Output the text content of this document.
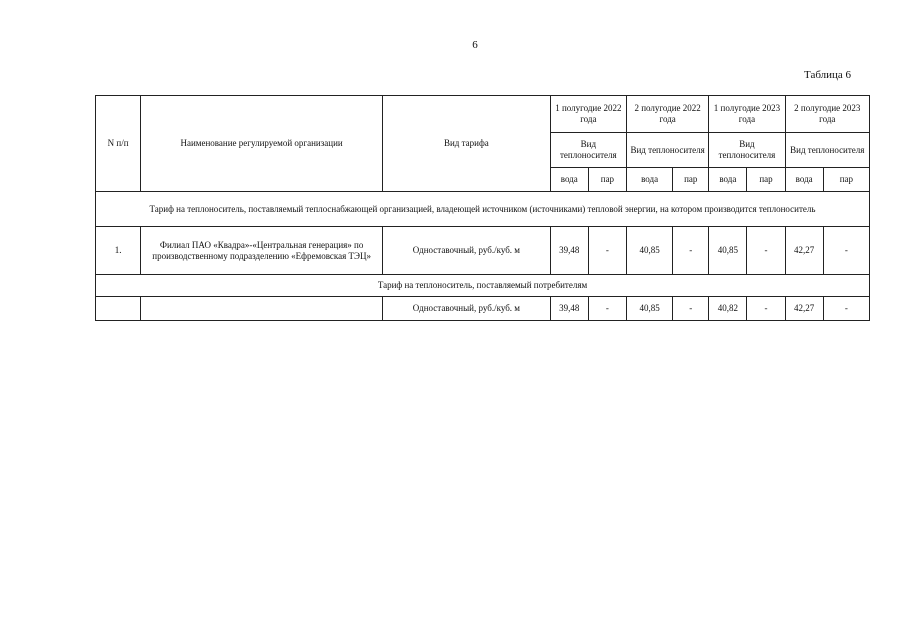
6
Таблица 6
N п/п	Наименование регулируемой организации	Вид тарифа	1 полугодие 2022 года		2 полугодие 2022 года		1 полугодие 2023 года		2 полугодие 2023 года	
			Вид теплоносителя		Вид теплоносителя		Вид теплоносителя		Вид теплоносителя	
			вода	пар	вода	пар	вода	пар	вода	пар
Тариф на теплоноситель, поставляемый теплоснабжающей организацией, владеющей источником (источниками) тепловой энергии, на котором производится теплоноситель										
1.	Филиал ПАО «Квадра»-«Центральная генерация» по производственному подразделению «Ефремовская ТЭЦ»	Одноставочный, руб./куб. м	39,48	-	40,85	-	40,85	-	42,27	-
Тариф на теплоноситель, поставляемый потребителям										
		Одноставочный, руб./куб. м	39,48	-	40,85	-	40,82	-	42,27	-
